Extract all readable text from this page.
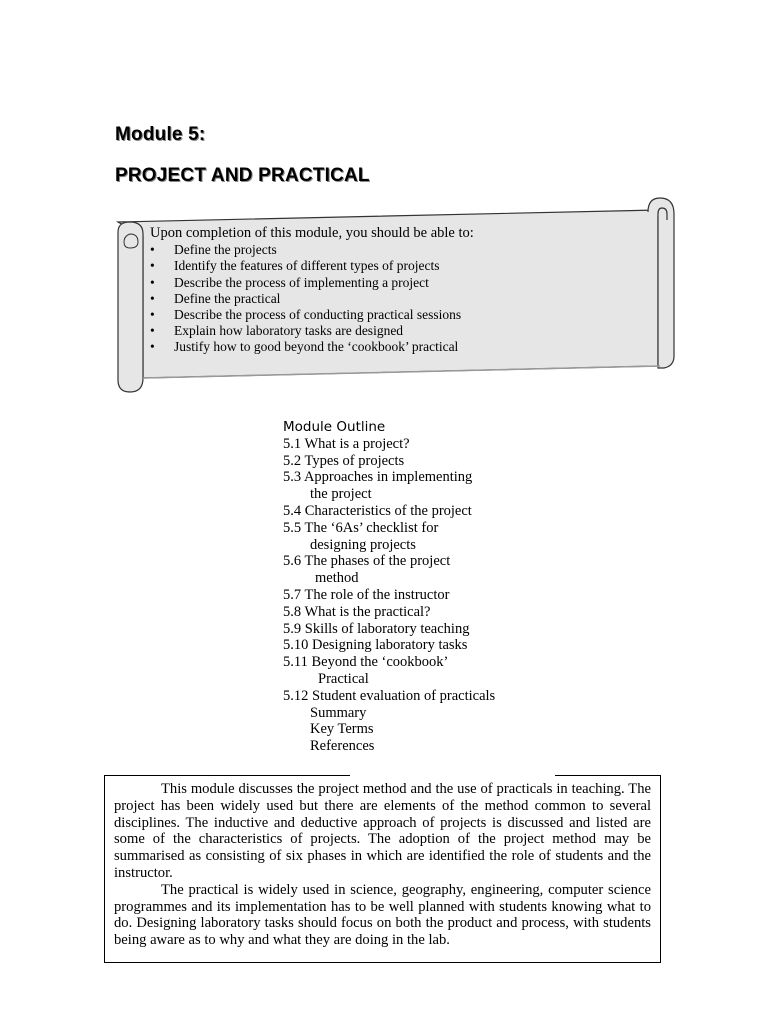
Module 5:
PROJECT AND PRACTICAL

Upon completion of this module, you should be able to:

• Define the projects
• Identify the features of different types of projects
• Describe the process of implementing a project
• Define the practical
• Describe the process of conducting practical sessions
• Explain how laboratory tasks are designed
• Justify how to good beyond the ‘cookbook’ practical

Module Outline

5.1 What is a project?
5.2 Types of projects
5.3 Approaches in implementing
the project
5.4 Characteristics of the project
5.5 The ‘6As’ checklist for
designing projects
5.6 The phases of the project
method
5.7 The role of the instructor
5.8 What is the practical?
5.9 Skills of laboratory teaching
5.10 Designing laboratory tasks
5.11 Beyond the ‘cookbook’
Practical
5.12 Student evaluation of practicals
Summary
Key Terms
References

This module discusses the project method and the use of practicals in teaching. The project has been widely used but there are elements of the method common to several disciplines. The inductive and deductive approach of projects is discussed and listed are some of the characteristics of projects. The adoption of the project method may be summarised as consisting of six phases in which are identified the role of students and the instructor.

The practical is widely used in science, geography, engineering, computer science programmes and its implementation has to be well planned with students knowing what to do. Designing laboratory tasks should focus on both the product and process, with students being aware as to why and what they are doing in the lab.
